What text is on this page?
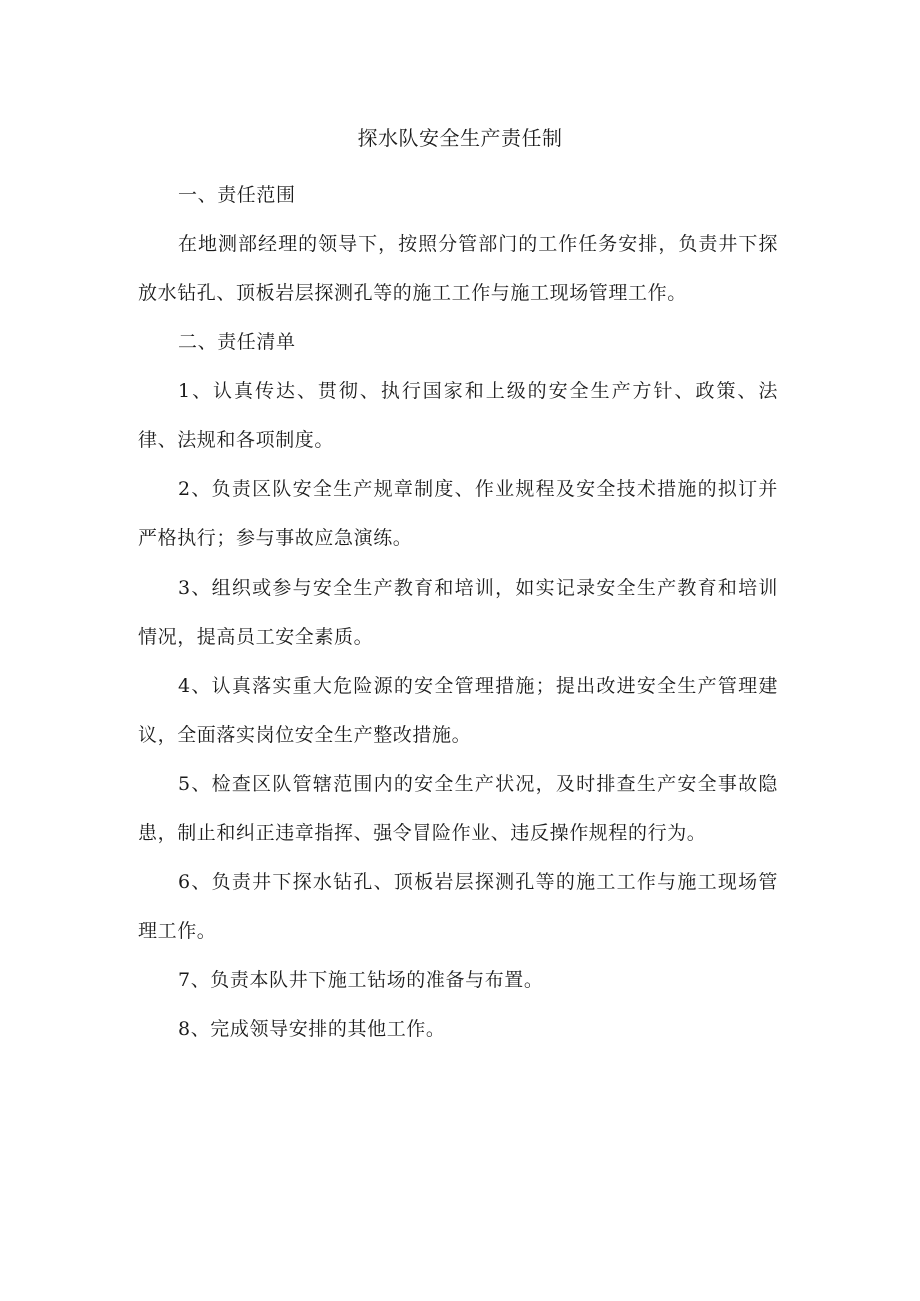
探水队安全生产责任制

一、责任范围

在地测部经理的领导下，按照分管部门的工作任务安排，负责井下探放水钻孔、顶板岩层探测孔等的施工工作与施工现场管理工作。

二、责任清单

1、认真传达、贯彻、执行国家和上级的安全生产方针、政策、法律、法规和各项制度。

2、负责区队安全生产规章制度、作业规程及安全技术措施的拟订并严格执行；参与事故应急演练。

3、组织或参与安全生产教育和培训，如实记录安全生产教育和培训情况，提高员工安全素质。

4、认真落实重大危险源的安全管理措施；提出改进安全生产管理建议，全面落实岗位安全生产整改措施。

5、检查区队管辖范围内的安全生产状况，及时排查生产安全事故隐患，制止和纠正违章指挥、强令冒险作业、违反操作规程的行为。

6、负责井下探水钻孔、顶板岩层探测孔等的施工工作与施工现场管理工作。

7、负责本队井下施工钻场的准备与布置。

8、完成领导安排的其他工作。
